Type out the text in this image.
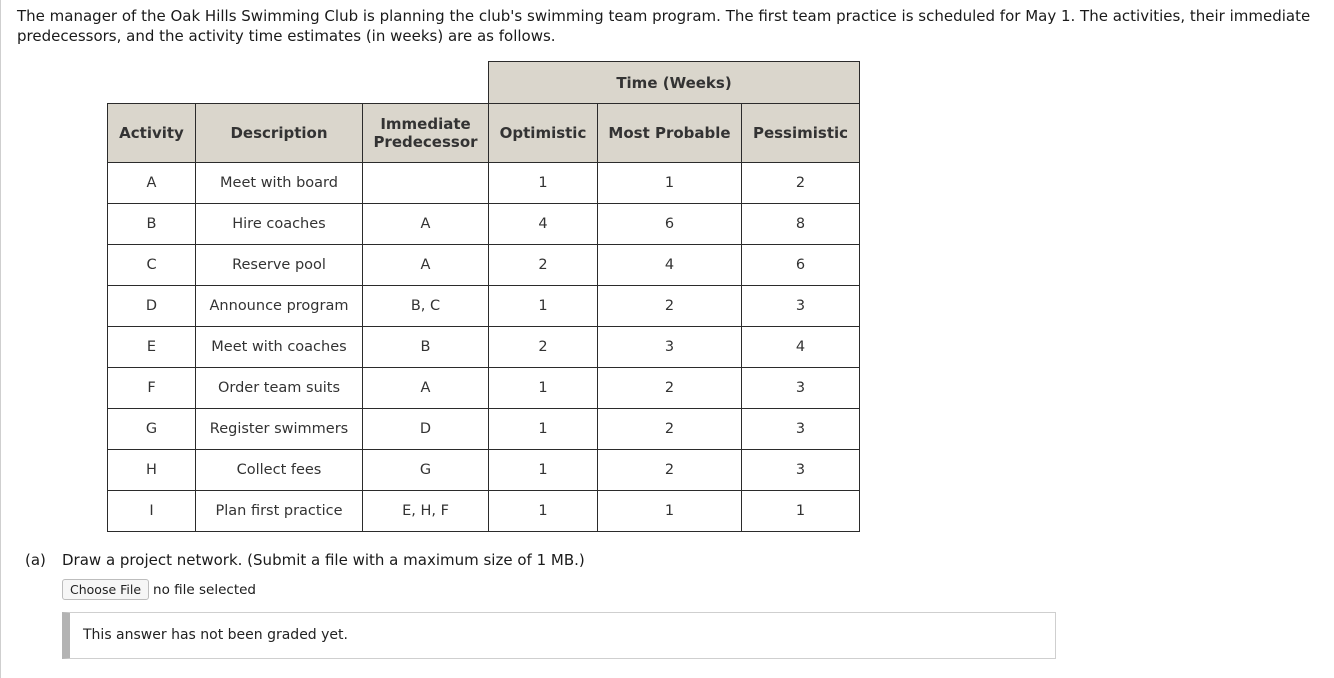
The manager of the Oak Hills Swimming Club is planning the club's swimming team program. The first team practice is scheduled for May 1. The activities, their immediate predecessors, and the activity time estimates (in weeks) are as follows.

			Time (Weeks)		
Activity	Description	Immediate
Predecessor	Optimistic	Most Probable	Pessimistic
A	Meet with board		1	1	2
B	Hire coaches	A	4	6	8
C	Reserve pool	A	2	4	6
D	Announce program	B, C	1	2	3
E	Meet with coaches	B	2	3	4
F	Order team suits	A	1	2	3
G	Register swimmers	D	1	2	3
H	Collect fees	G	1	2	3
I	Plan first practice	E, H, F	1	1	1

(a) Draw a project network. (Submit a file with a maximum size of 1 MB.)

Choose File no file selected
This answer has not been graded yet.
